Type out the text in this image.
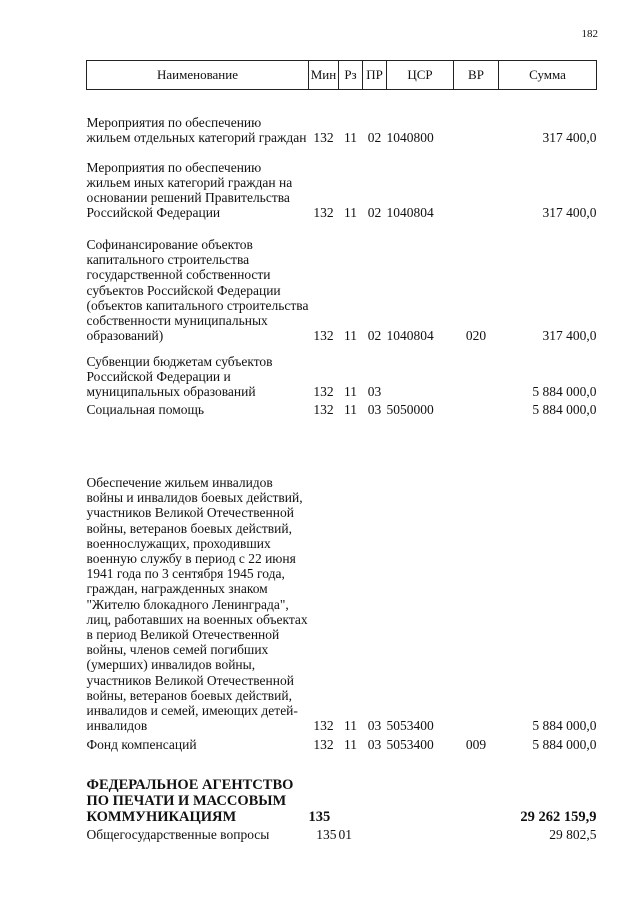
182
Наименование	Мин	Рз	ПР	ЦСР	ВР	Сумма
Мероприятия по обеспечению жильем отдельных категорий граждан	132	11	02	1040800		317 400,0
Мероприятия по обеспечению жильем иных категорий граждан на основании решений Правительства Российской Федерации	132	11	02	1040804		317 400,0
Софинансирование объектов капитального строительства государственной собственности субъектов Российской Федерации (объектов капитального строительства собственности муниципальных образований)	132	11	02	1040804	020	317 400,0
Субвенции бюджетам субъектов Российской Федерации и муниципальных образований	132	11	03			5 884 000,0
Социальная помощь	132	11	03	5050000		5 884 000,0
Обеспечение жильем инвалидов войны и инвалидов боевых действий, участников Великой Отечественной войны, ветеранов боевых действий, военнослужащих, проходивших военную службу в период с 22 июня 1941 года по 3 сентября 1945 года, граждан, награжденных знаком "Жителю блокадного Ленинграда", лиц, работавших на военных объектах в период Великой Отечественной войны, членов семей погибших (умерших) инвалидов войны, участников Великой Отечественной войны, ветеранов боевых действий, инвалидов и семей, имеющих детей-инвалидов	132	11	03	5053400		5 884 000,0
Фонд компенсаций	132	11	03	5053400	009	5 884 000,0
ФЕДЕРАЛЬНОЕ АГЕНТСТВО ПО ПЕЧАТИ И МАССОВЫМ КОММУНИКАЦИЯМ	135					29 262 159,9
Общегосударственные вопросы	135	01				29 802,5
